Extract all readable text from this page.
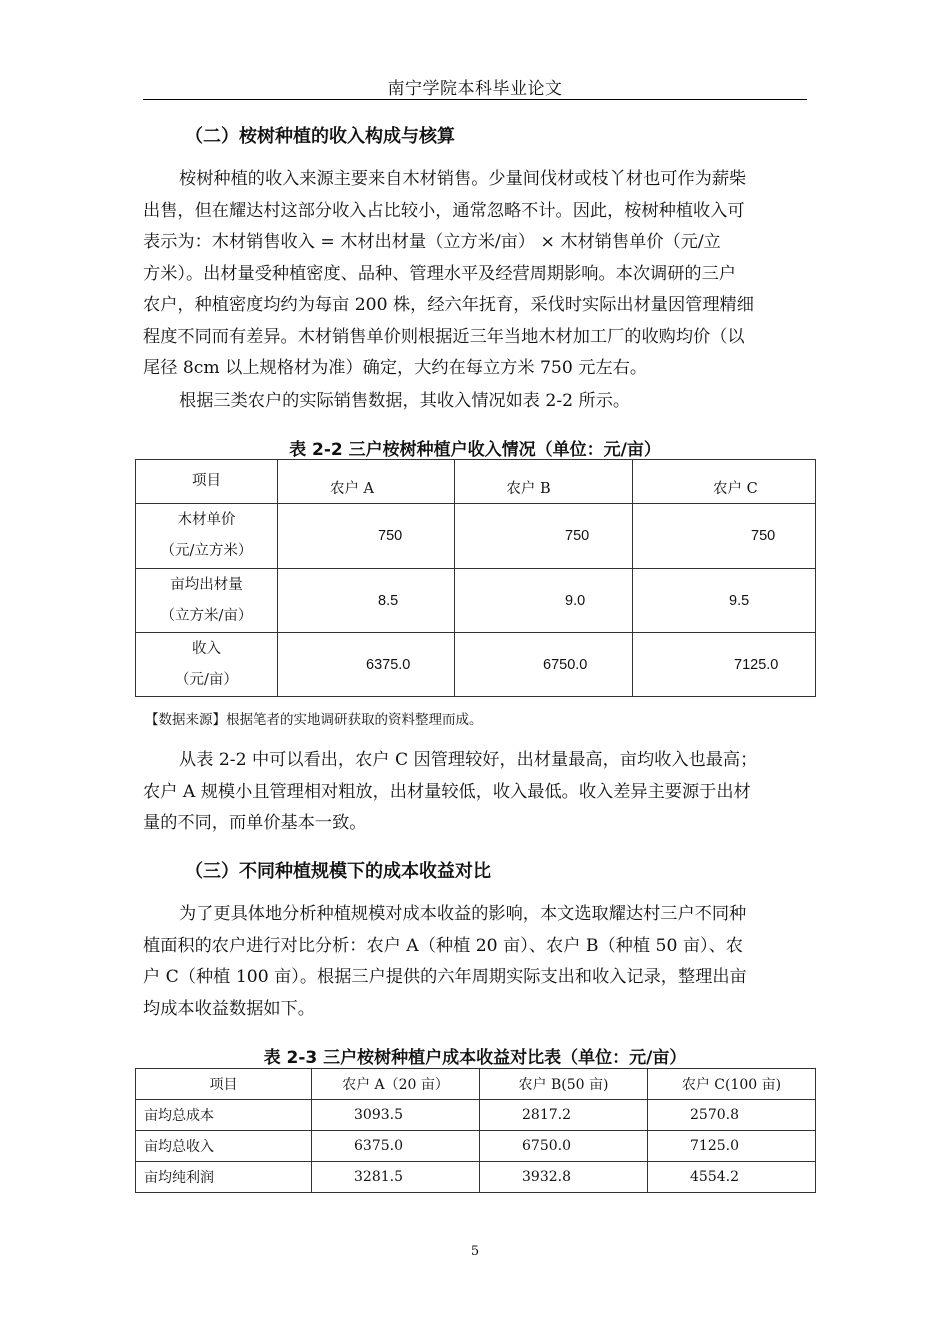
南宁学院本科毕业论文
（二）桉树种植的收入构成与核算
桉树种植的收入来源主要来自木材销售。少量间伐材或枝丫材也可作为薪柴
出售，但在耀达村这部分收入占比较小，通常忽略不计。因此，桉树种植收入可
表示为：木材销售收入 = 木材出材量（立方米/亩） × 木材销售单价（元/立
方米）。出材量受种植密度、品种、管理水平及经营周期影响。本次调研的三户
农户，种植密度均约为每亩 200 株，经六年抚育，采伐时实际出材量因管理精细
程度不同而有差异。木材销售单价则根据近三年当地木材加工厂的收购均价（以
尾径 8cm 以上规格材为准）确定，大约在每立方米 750 元左右。
根据三类农户的实际销售数据，其收入情况如表 2-2 所示。
表 2-2 三户桉树种植户收入情况（单位：元/亩）
项目	农户 A	农户 B	农户 C

木材单价
（元/立方米）	750	750	750

亩均出材量
（立方米/亩）	8.5	9.0	9.5

收入
（元/亩）	6375.0	6750.0	7125.0
【数据来源】根据笔者的实地调研获取的资料整理而成。
从表 2-2 中可以看出，农户 C 因管理较好，出材量最高，亩均收入也最高；
农户 A 规模小且管理相对粗放，出材量较低，收入最低。收入差异主要源于出材
量的不同，而单价基本一致。
（三）不同种植规模下的成本收益对比
为了更具体地分析种植规模对成本收益的影响，本文选取耀达村三户不同种
植面积的农户进行对比分析：农户 A（种植 20 亩）、农户 B（种植 50 亩）、农
户 C（种植 100 亩）。根据三户提供的六年周期实际支出和收入记录，整理出亩
均成本收益数据如下。
表 2-3 三户桉树种植户成本收益对比表（单位：元/亩）
项目	农户 A（20 亩）	农户 B(50 亩)	农户 C(100 亩)
亩均总成本	3093.5	2817.2	2570.8
亩均总收入	6375.0	6750.0	7125.0
亩均纯利润	3281.5	3932.8	4554.2
5
